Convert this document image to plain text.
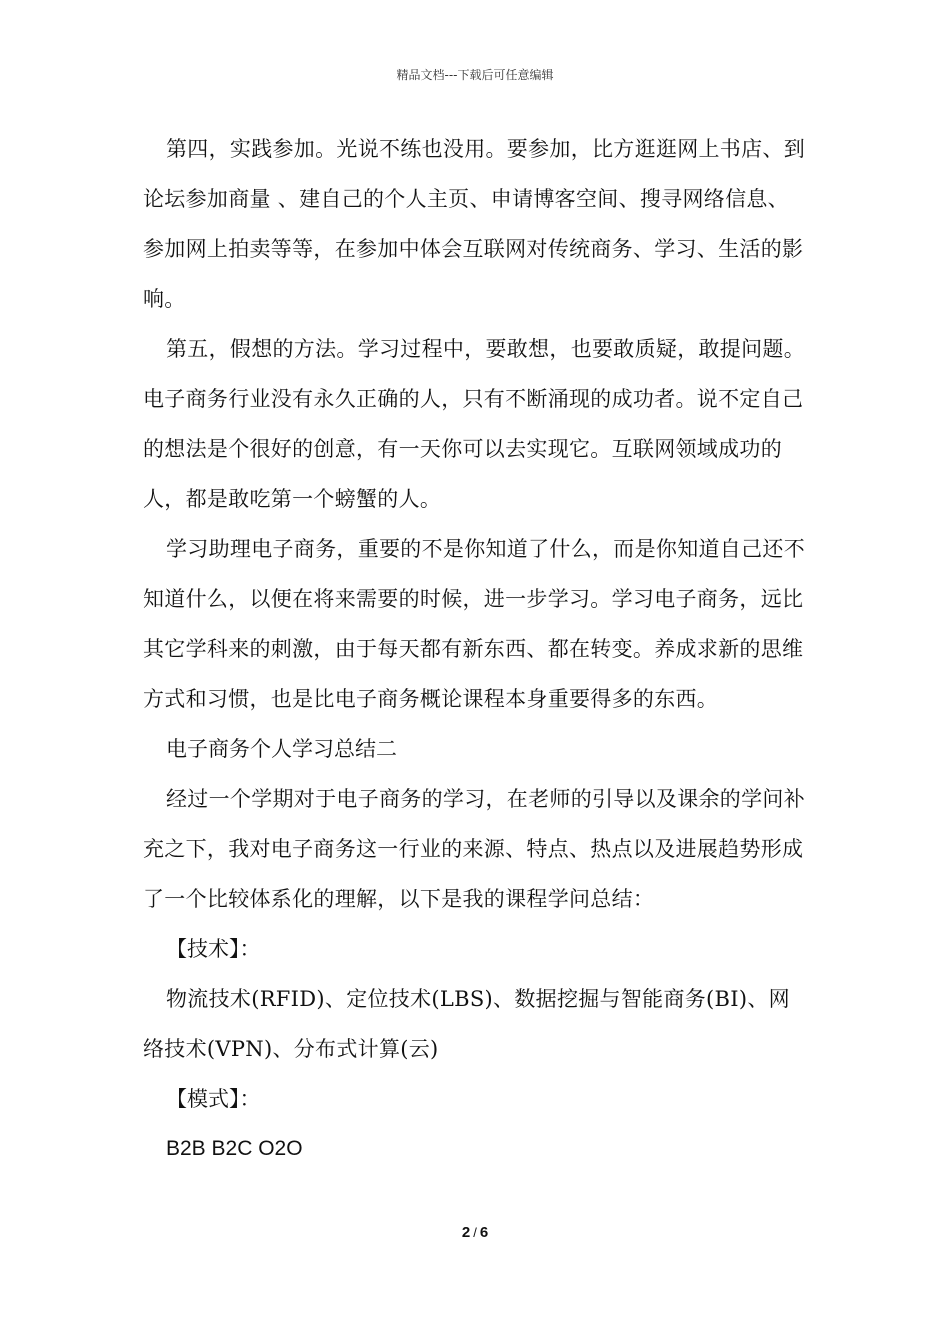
精品文档---下载后可任意编辑

第四，实践参加。光说不练也没用。要参加，比方逛逛网上书店、到论坛参加商量 、建自己的个人主页、申请博客空间、搜寻网络信息、参加网上拍卖等等，在参加中体会互联网对传统商务、学习、生活的影响。

第五，假想的方法。学习过程中，要敢想，也要敢质疑，敢提问题。电子商务行业没有永久正确的人，只有不断涌现的成功者。说不定自己的想法是个很好的创意，有一天你可以去实现它。互联网领域成功的人，都是敢吃第一个螃蟹的人。

学习助理电子商务，重要的不是你知道了什么，而是你知道自己还不知道什么，以便在将来需要的时候，进一步学习。学习电子商务，远比其它学科来的刺激，由于每天都有新东西、都在转变。养成求新的思维方式和习惯，也是比电子商务概论课程本身重要得多的东西。

电子商务个人学习总结二

经过一个学期对于电子商务的学习，在老师的引导以及课余的学问补充之下，我对电子商务这一行业的来源、特点、热点以及进展趋势形成了一个比较体系化的理解，以下是我的课程学问总结：

【技术】：

物流技术(RFID)、定位技术(LBS)、数据挖掘与智能商务(BI)、网络技术(VPN)、分布式计算(云)

【模式】：

B2B B2C O2O

2 / 6
